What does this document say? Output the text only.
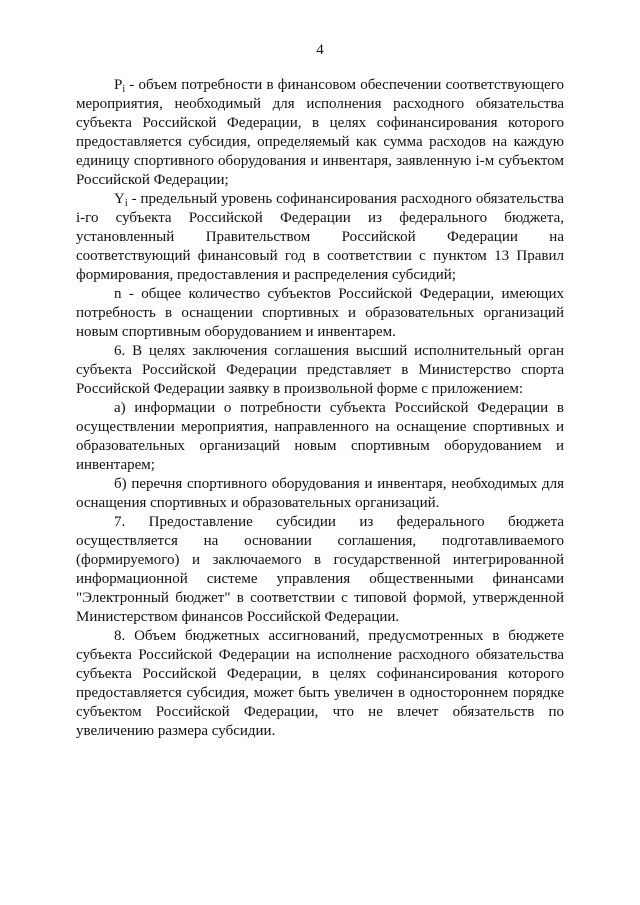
4

$P_i$ - объем потребности в финансовом обеспечении соответствующего мероприятия, необходимый для исполнения расходного обязательства субъекта Российской Федерации, в целях софинансирования которого предоставляется субсидия, определяемый как сумма расходов на каждую единицу спортивного оборудования и инвентаря, заявленную i-м субъектом Российской Федерации;

$Y_i$ - предельный уровень софинансирования расходного обязательства i-го субъекта Российской Федерации из федерального бюджета, установленный Правительством Российской Федерации на соответствующий финансовый год в соответствии с пунктом 13 Правил формирования, предоставления и распределения субсидий;

n - общее количество субъектов Российской Федерации, имеющих потребность в оснащении спортивных и образовательных организаций новым спортивным оборудованием и инвентарем.

6. В целях заключения соглашения высший исполнительный орган субъекта Российской Федерации представляет в Министерство спорта Российской Федерации заявку в произвольной форме с приложением:

а) информации о потребности субъекта Российской Федерации в осуществлении мероприятия, направленного на оснащение спортивных и образовательных организаций новым спортивным оборудованием и инвентарем;

б) перечня спортивного оборудования и инвентаря, необходимых для оснащения спортивных и образовательных организаций.

7. Предоставление субсидии из федерального бюджета осуществляется на основании соглашения, подготавливаемого (формируемого) и заключаемого в государственной интегрированной информационной системе управления общественными финансами "Электронный бюджет" в соответствии с типовой формой, утвержденной Министерством финансов Российской Федерации.

8. Объем бюджетных ассигнований, предусмотренных в бюджете субъекта Российской Федерации на исполнение расходного обязательства субъекта Российской Федерации, в целях софинансирования которого предоставляется субсидия, может быть увеличен в одностороннем порядке субъектом Российской Федерации, что не влечет обязательств по увеличению размера субсидии.
